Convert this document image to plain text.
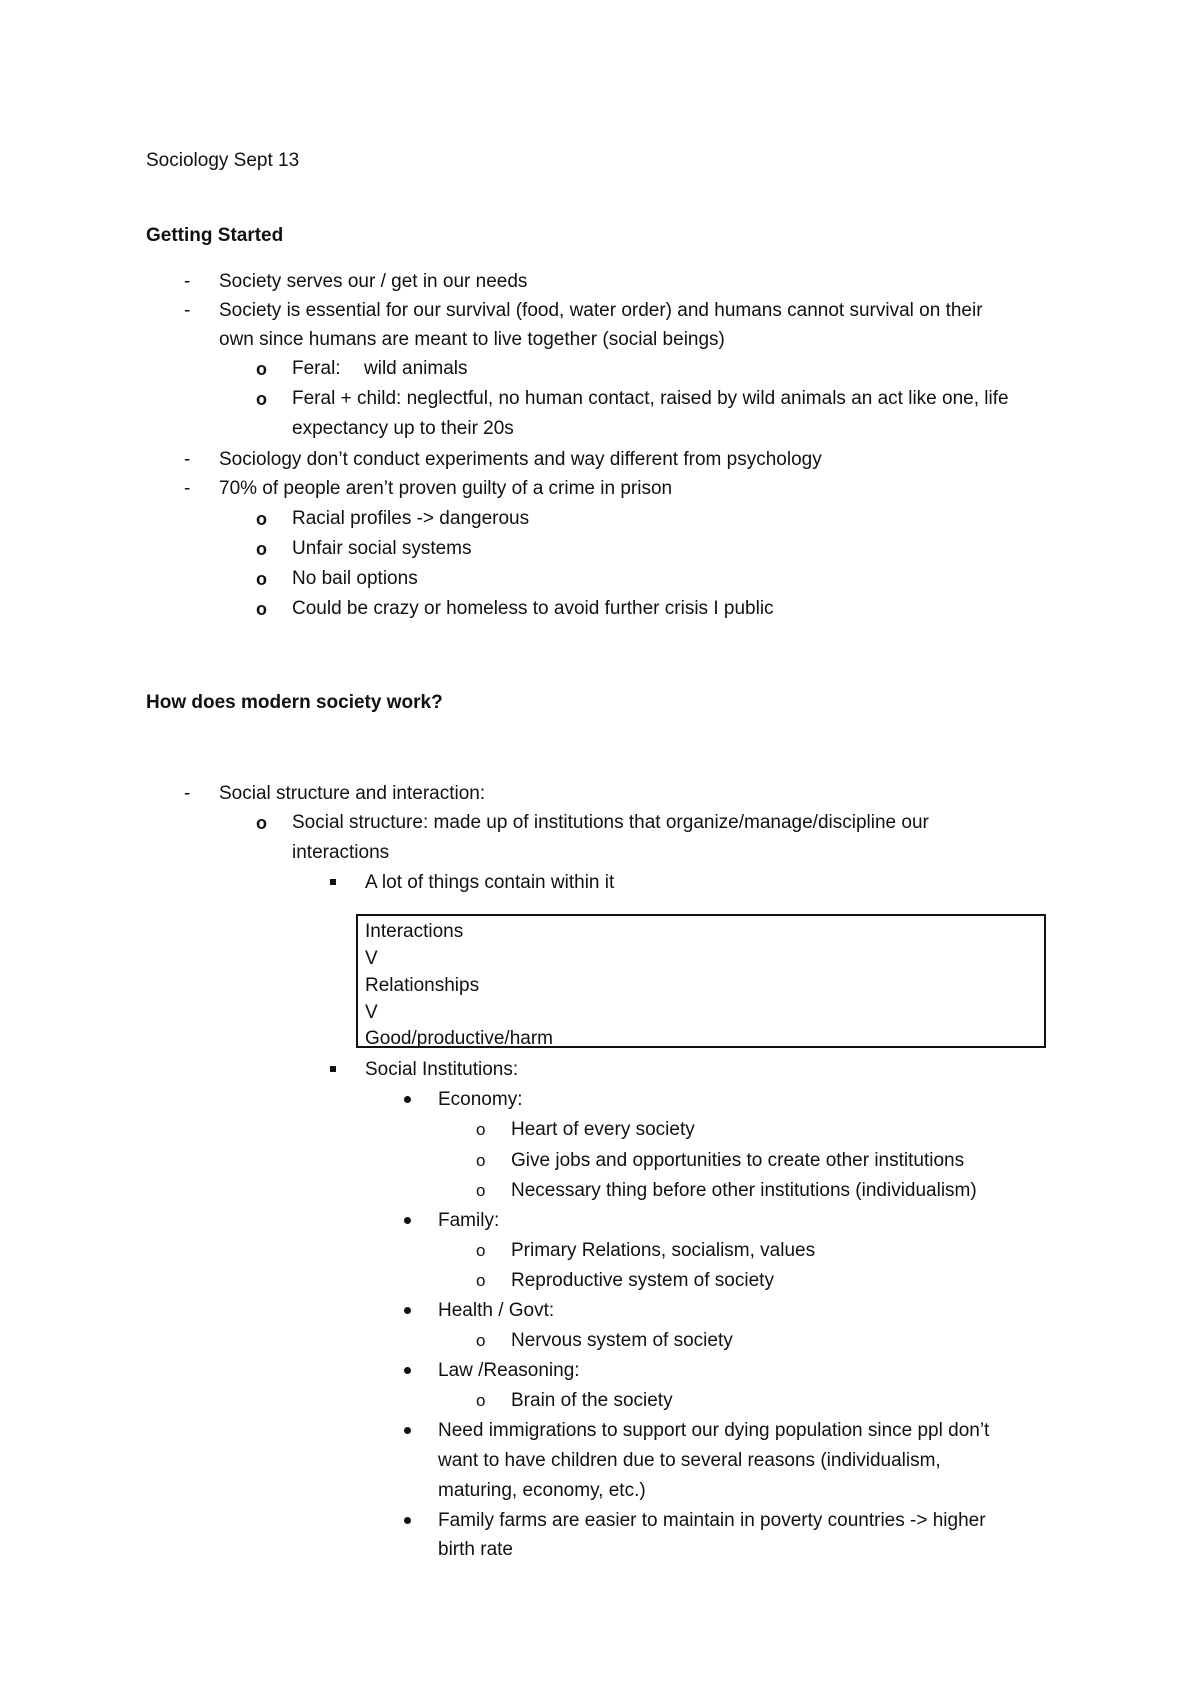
Sociology Sept 13
Getting Started
- Society serves our / get in our needs
- Society is essential for our survival (food, water order) and humans cannot survival on their
own since humans are meant to live together (social beings)
o Feral: wild animals
o Feral + child: neglectful, no human contact, raised by wild animals an act like one, life
expectancy up to their 20s
- Sociology don’t conduct experiments and way different from psychology
- 70% of people aren’t proven guilty of a crime in prison
o Racial profiles -> dangerous
o Unfair social systems
o No bail options
o Could be crazy or homeless to avoid further crisis I public
How does modern society work?
- Social structure and interaction:
o Social structure: made up of institutions that organize/manage/discipline our
interactions
A lot of things contain within it
Interactions
V
Relationships
V
Good/productive/harm
Social Institutions:
Economy:
o Heart of every society
o Give jobs and opportunities to create other institutions
o Necessary thing before other institutions (individualism)
Family:
o Primary Relations, socialism, values
o Reproductive system of society
Health / Govt:
o Nervous system of society
Law /Reasoning:
o Brain of the society
Need immigrations to support our dying population since ppl don’t
want to have children due to several reasons (individualism,
maturing, economy, etc.)
Family farms are easier to maintain in poverty countries -> higher
birth rate
